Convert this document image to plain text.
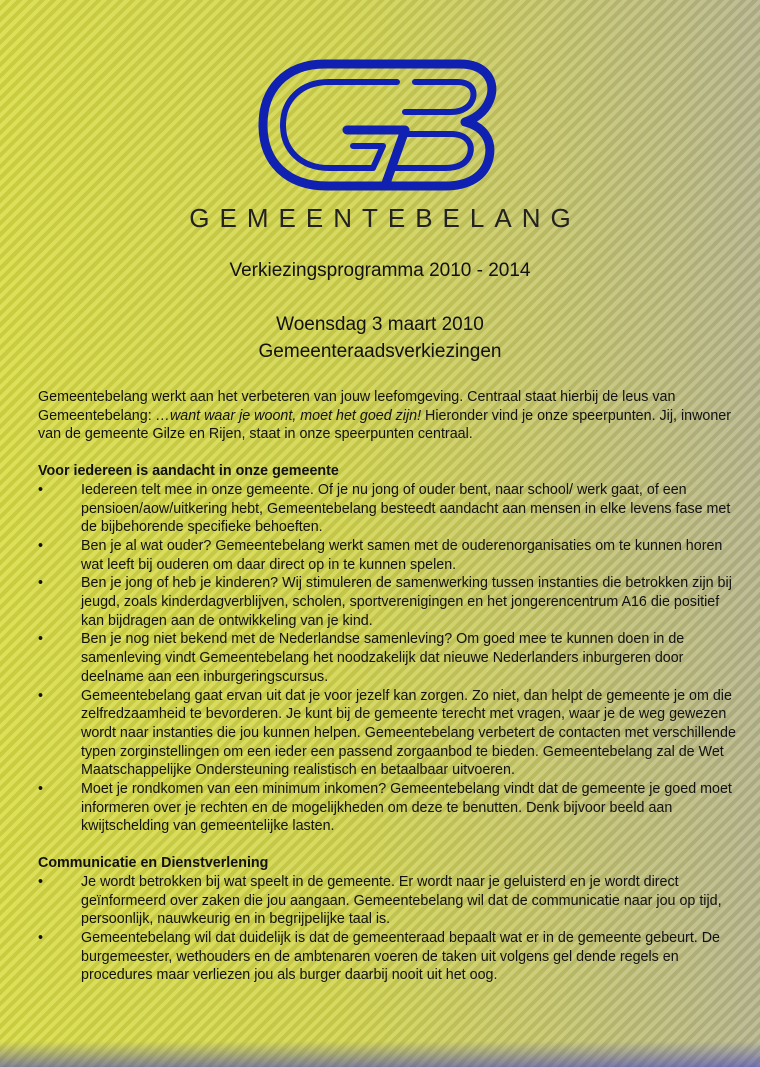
GEMEENTEBELANG
Verkiezingsprogramma 2010 - 2014
Woensdag 3 maart 2010
Gemeenteraadsverkiezingen

Gemeentebelang werkt aan het verbeteren van jouw leefomgeving. Centraal staat hierbij de leus van Gemeentebelang: …want waar je woont, moet het goed zijn! Hieronder vind je onze speerpunten. Jij, inwoner van de gemeente Gilze en Rijen, staat in onze speerpunten centraal.

Voor iedereen is aandacht in onze gemeente
•	Iedereen telt mee in onze gemeente. Of je nu jong of ouder bent, naar school/ werk gaat, of een pensioen/aow/uitkering hebt, Gemeentebelang besteedt aandacht aan mensen in elke levens fase met de bijbehorende specifieke behoeften.
•	Ben je al wat ouder? Gemeentebelang werkt samen met de ouderenorganisaties om te kunnen horen wat leeft bij ouderen om daar direct op in te kunnen spelen.
•	Ben je jong of heb je kinderen? Wij stimuleren de samenwerking tussen instanties die betrokken zijn bij jeugd, zoals kinderdagverblijven, scholen, sportverenigingen en het jongerencentrum A16 die positief kan bijdragen aan de ontwikkeling van je kind.
•	Ben je nog niet bekend met de Nederlandse samenleving? Om goed mee te kunnen doen in de samenleving vindt Gemeentebelang het noodzakelijk dat nieuwe Nederlanders inburgeren door deelname aan een inburgeringscursus.
•	Gemeentebelang gaat ervan uit dat je voor jezelf kan zorgen. Zo niet, dan helpt de gemeente je om die zelfredzaamheid te bevorderen. Je kunt bij de gemeente terecht met vragen, waar je de weg gewezen wordt naar instanties die jou kunnen helpen. Gemeentebelang verbetert de contacten met verschillende typen zorginstellingen om een ieder een passend zorgaanbod te bieden. Gemeentebelang zal de Wet Maatschappelijke Ondersteuning realistisch en betaalbaar uitvoeren.
•	Moet je rondkomen van een minimum inkomen? Gemeentebelang vindt dat de gemeente je goed moet informeren over je rechten en de mogelijkheden om deze te benutten. Denk bijvoor beeld aan kwijtschelding van gemeentelijke lasten.
Communicatie en Dienstverlening
•	Je wordt betrokken bij wat speelt in de gemeente. Er wordt naar je geluisterd en je wordt direct geïnformeerd over zaken die jou aangaan. Gemeentebelang wil dat de communicatie naar jou op tijd, persoonlijk, nauwkeurig en in begrijpelijke taal is.
•	Gemeentebelang wil dat duidelijk is dat de gemeenteraad bepaalt wat er in de gemeente gebeurt. De burgemeester, wethouders en de ambtenaren voeren de taken uit volgens gel dende regels en procedures maar verliezen jou als burger daarbij nooit uit het oog.
